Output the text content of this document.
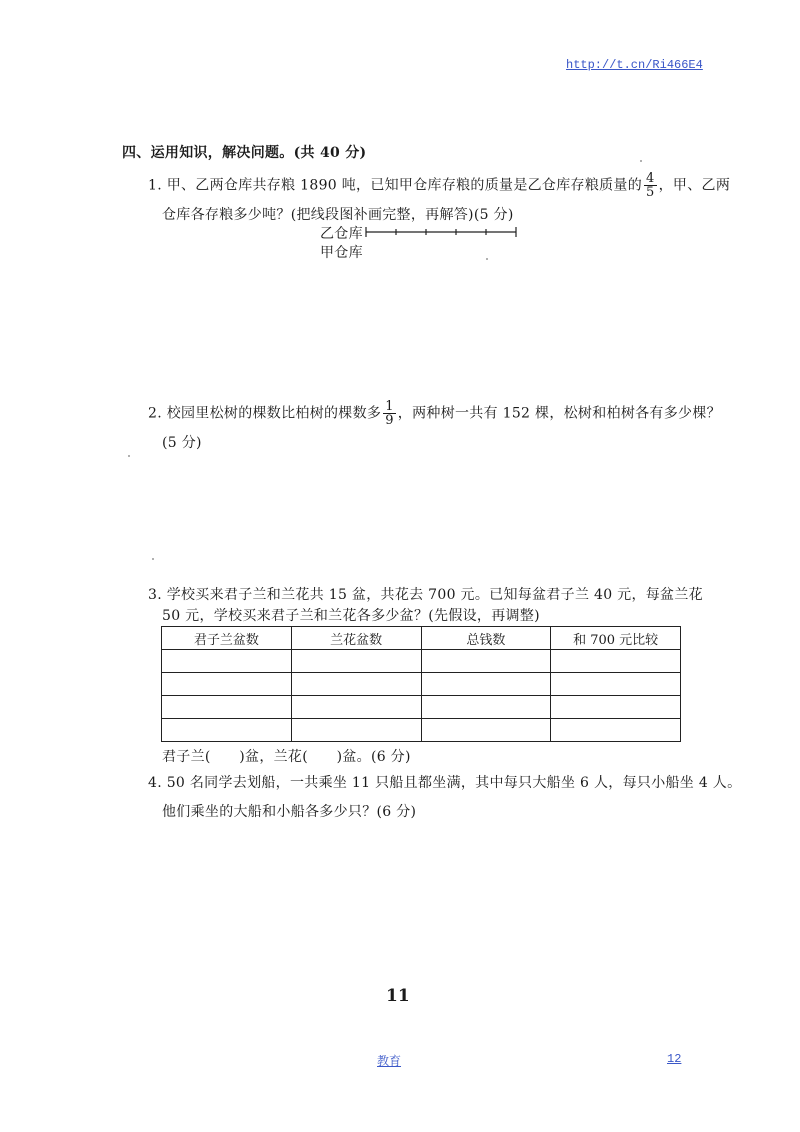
http://t.cn/Ri466E4
四、运用知识，解决问题。(共 40 分)
1. 甲、乙两仓库共存粮 1890 吨，已知甲仓库存粮的质量是乙仓库存粮质量的 $\frac{4}{5}$ ，甲、乙两
仓库各存粮多少吨？(把线段图补画完整，再解答)(5 分)
乙仓库
甲仓库
2. 校园里松树的棵数比柏树的棵数多 $\frac{1}{9}$ ，两种树一共有 152 棵，松树和柏树各有多少棵？
(5 分)
3. 学校买来君子兰和兰花共 15 盆，共花去 700 元。已知每盆君子兰 40 元，每盆兰花
50 元，学校买来君子兰和兰花各多少盆？(先假设，再调整)
君子兰盆数	兰花盆数	总钱数	和 700 元比较

君子兰(　　)盆，兰花(　　)盆。(6 分)
4. 50 名同学去划船，一共乘坐 11 只船且都坐满，其中每只大船坐 6 人，每只小船坐 4 人。
他们乘坐的大船和小船各多少只？(6 分)
11
教育	12
